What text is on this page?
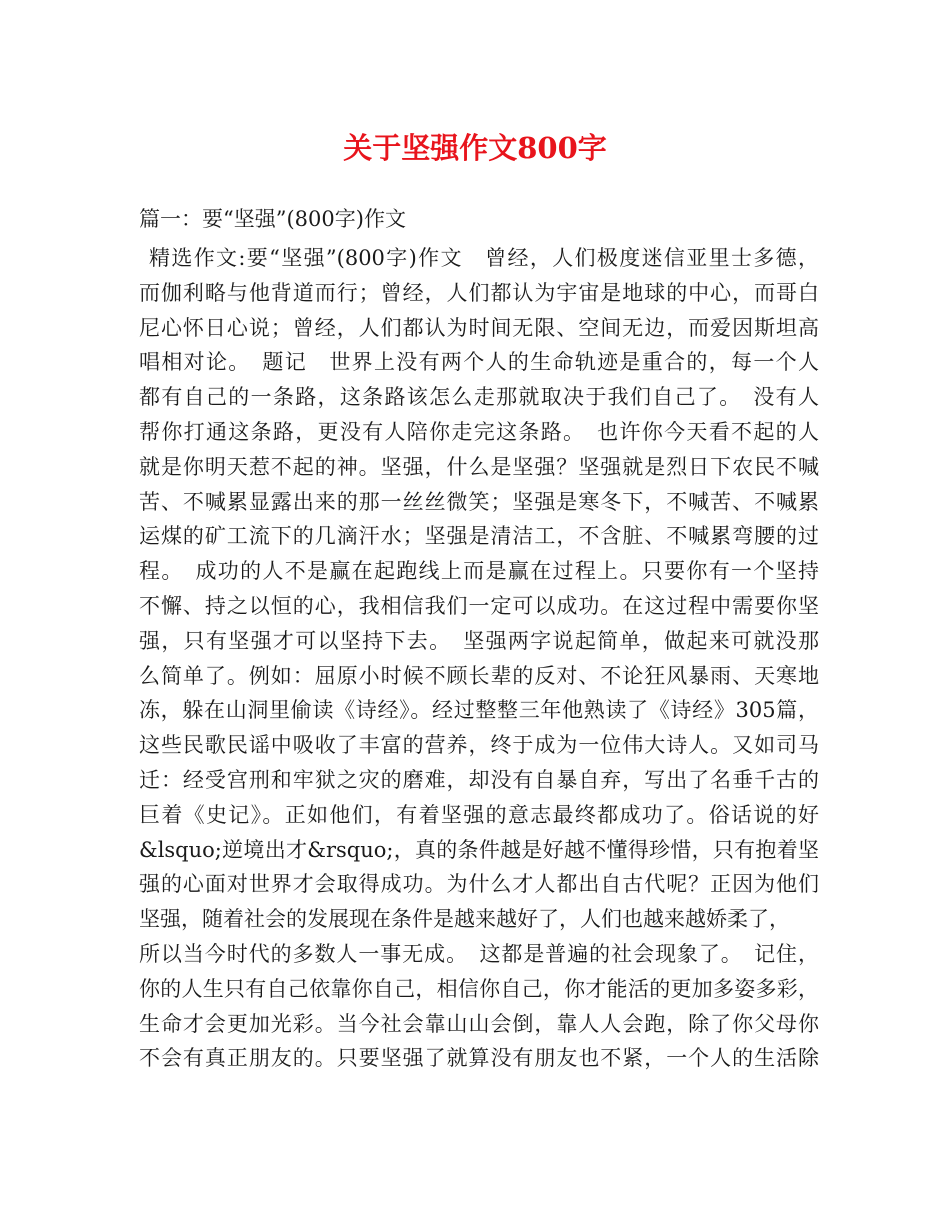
关于坚强作文800字
篇一：要“坚强”(800字)作文
精选作文:要“坚强”(800字)作文　曾经，人们极度迷信亚里士多德，
而伽利略与他背道而行；曾经，人们都认为宇宙是地球的中心，而哥白
尼心怀日心说；曾经，人们都认为时间无限、空间无边，而爱因斯坦高
唱相对论。　题记　世界上没有两个人的生命轨迹是重合的，每一个人
都有自己的一条路，这条路该怎么走那就取决于我们自己了。　没有人
帮你打通这条路，更没有人陪你走完这条路。　也许你今天看不起的人
就是你明天惹不起的神。坚强，什么是坚强？坚强就是烈日下农民不喊
苦、不喊累显露出来的那一丝丝微笑；坚强是寒冬下，不喊苦、不喊累
运煤的矿工流下的几滴汗水；坚强是清洁工，不含脏、不喊累弯腰的过
程。　成功的人不是赢在起跑线上而是赢在过程上。只要你有一个坚持
不懈、持之以恒的心，我相信我们一定可以成功。在这过程中需要你坚
强，只有坚强才可以坚持下去。　坚强两字说起简单，做起来可就没那
么简单了。例如：屈原小时候不顾长辈的反对、不论狂风暴雨、天寒地
冻，躲在山洞里偷读《诗经》。经过整整三年他熟读了《诗经》305篇，
这些民歌民谣中吸收了丰富的营养，终于成为一位伟大诗人。又如司马
迁：经受宫刑和牢狱之灾的磨难，却没有自暴自弃，写出了名垂千古的
巨着《史记》。正如他们，有着坚强的意志最终都成功了。俗话说的好
&lsquo;逆境出才&rsquo;，真的条件越是好越不懂得珍惜，只有抱着坚
强的心面对世界才会取得成功。为什么才人都出自古代呢？正因为他们
坚强，随着社会的发展现在条件是越来越好了，人们也越来越娇柔了，
所以当今时代的多数人一事无成。　这都是普遍的社会现象了。　记住，
你的人生只有自己依靠你自己，相信你自己，你才能活的更加多姿多彩，
生命才会更加光彩。当今社会靠山山会倒，靠人人会跑，除了你父母你
不会有真正朋友的。只要坚强了就算没有朋友也不紧，一个人的生活除
